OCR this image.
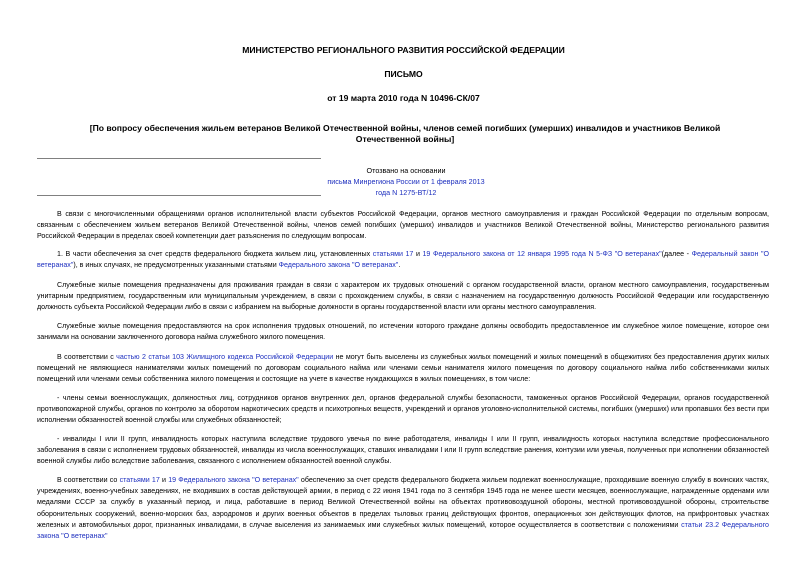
МИНИСТЕРСТВО РЕГИОНАЛЬНОГО РАЗВИТИЯ РОССИЙСКОЙ ФЕДЕРАЦИИ
ПИСЬМО
от 19 марта 2010 года N 10496-СК/07
[По вопросу обеспечения жильем ветеранов Великой Отечественной войны, членов семей погибших (умерших) инвалидов и участников Великой Отечественной войны]
Отозвано на основании
письма Минрегиона России от 1 февраля 2013 года N 1275-ВТ/12
В связи с многочисленными обращениями органов исполнительной власти субъектов Российской Федерации, органов местного самоуправления и граждан Российской Федерации по отдельным вопросам, связанным с обеспечением жильем ветеранов Великой Отечественной войны, членов семей погибших (умерших) инвалидов и участников Великой Отечественной войны, Министерство регионального развития Российской Федерации в пределах своей компетенции дает разъяснения по следующим вопросам.
1. В части обеспечения за счет средств федерального бюджета жильем лиц, установленных статьями 17 и 19 Федерального закона от 12 января 1995 года N 5-ФЗ "О ветеранах"(далее - Федеральный закон "О ветеранах"), в иных случаях, не предусмотренных указанными статьями Федерального закона "О ветеранах".
Служебные жилые помещения предназначены для проживания граждан в связи с характером их трудовых отношений с органом государственной власти, органом местного самоуправления, государственным унитарным предприятием, государственным или муниципальным учреждением, в связи с прохождением службы, в связи с назначением на государственную должность Российской Федерации или государственную должность субъекта Российской Федерации либо в связи с избранием на выборные должности в органы государственной власти или органы местного самоуправления.
Служебные жилые помещения предоставляются на срок исполнения трудовых отношений, по истечении которого граждане должны освободить предоставленное им служебное жилое помещение, которое они занимали на основании заключенного договора найма служебного жилого помещения.
В соответствии с частью 2 статьи 103 Жилищного кодекса Российской Федерации не могут быть выселены из служебных жилых помещений и жилых помещений в общежитиях без предоставления других жилых помещений не являющиеся нанимателями жилых помещений по договорам социального найма или членами семьи нанимателя жилого помещения по договору социального найма либо собственниками жилых помещений или членами семьи собственника жилого помещения и состоящие на учете в качестве нуждающихся в жилых помещениях, в том числе:
- члены семьи военнослужащих, должностных лиц, сотрудников органов внутренних дел, органов федеральной службы безопасности, таможенных органов Российской Федерации, органов государственной противопожарной службы, органов по контролю за оборотом наркотических средств и психотропных веществ, учреждений и органов уголовно-исполнительной системы, погибших (умерших) или пропавших без вести при исполнении обязанностей военной службы или служебных обязанностей;
- инвалиды I или II групп, инвалидность которых наступила вследствие трудового увечья по вине работодателя, инвалиды I или II групп, инвалидность которых наступила вследствие профессионального заболевания в связи с исполнением трудовых обязанностей, инвалиды из числа военнослужащих, ставших инвалидами I или II групп вследствие ранения, контузии или увечья, полученных при исполнении обязанностей военной службы либо вследствие заболевания, связанного с исполнением обязанностей военной службы.
В соответствии со статьями 17 и 19 Федерального закона "О ветеранах" обеспечению за счет средств федерального бюджета жильем подлежат военнослужащие, проходившие военную службу в воинских частях, учреждениях, военно-учебных заведениях, не входивших в состав действующей армии, в период с 22 июня 1941 года по 3 сентября 1945 года не менее шести месяцев, военнослужащие, награжденные орденами или медалями СССР за службу в указанный период, и лица, работавшие в период Великой Отечественной войны на объектах противовоздушной обороны, местной противовоздушной обороны, строительстве оборонительных сооружений, военно-морских баз, аэродромов и других военных объектов в пределах тыловых границ действующих фронтов, операционных зон действующих флотов, на прифронтовых участках железных и автомобильных дорог, признанных инвалидами, в случае выселения из занимаемых ими служебных жилых помещений, которое осуществляется в соответствии с положениями статьи 23.2 Федерального закона "О ветеранах"
